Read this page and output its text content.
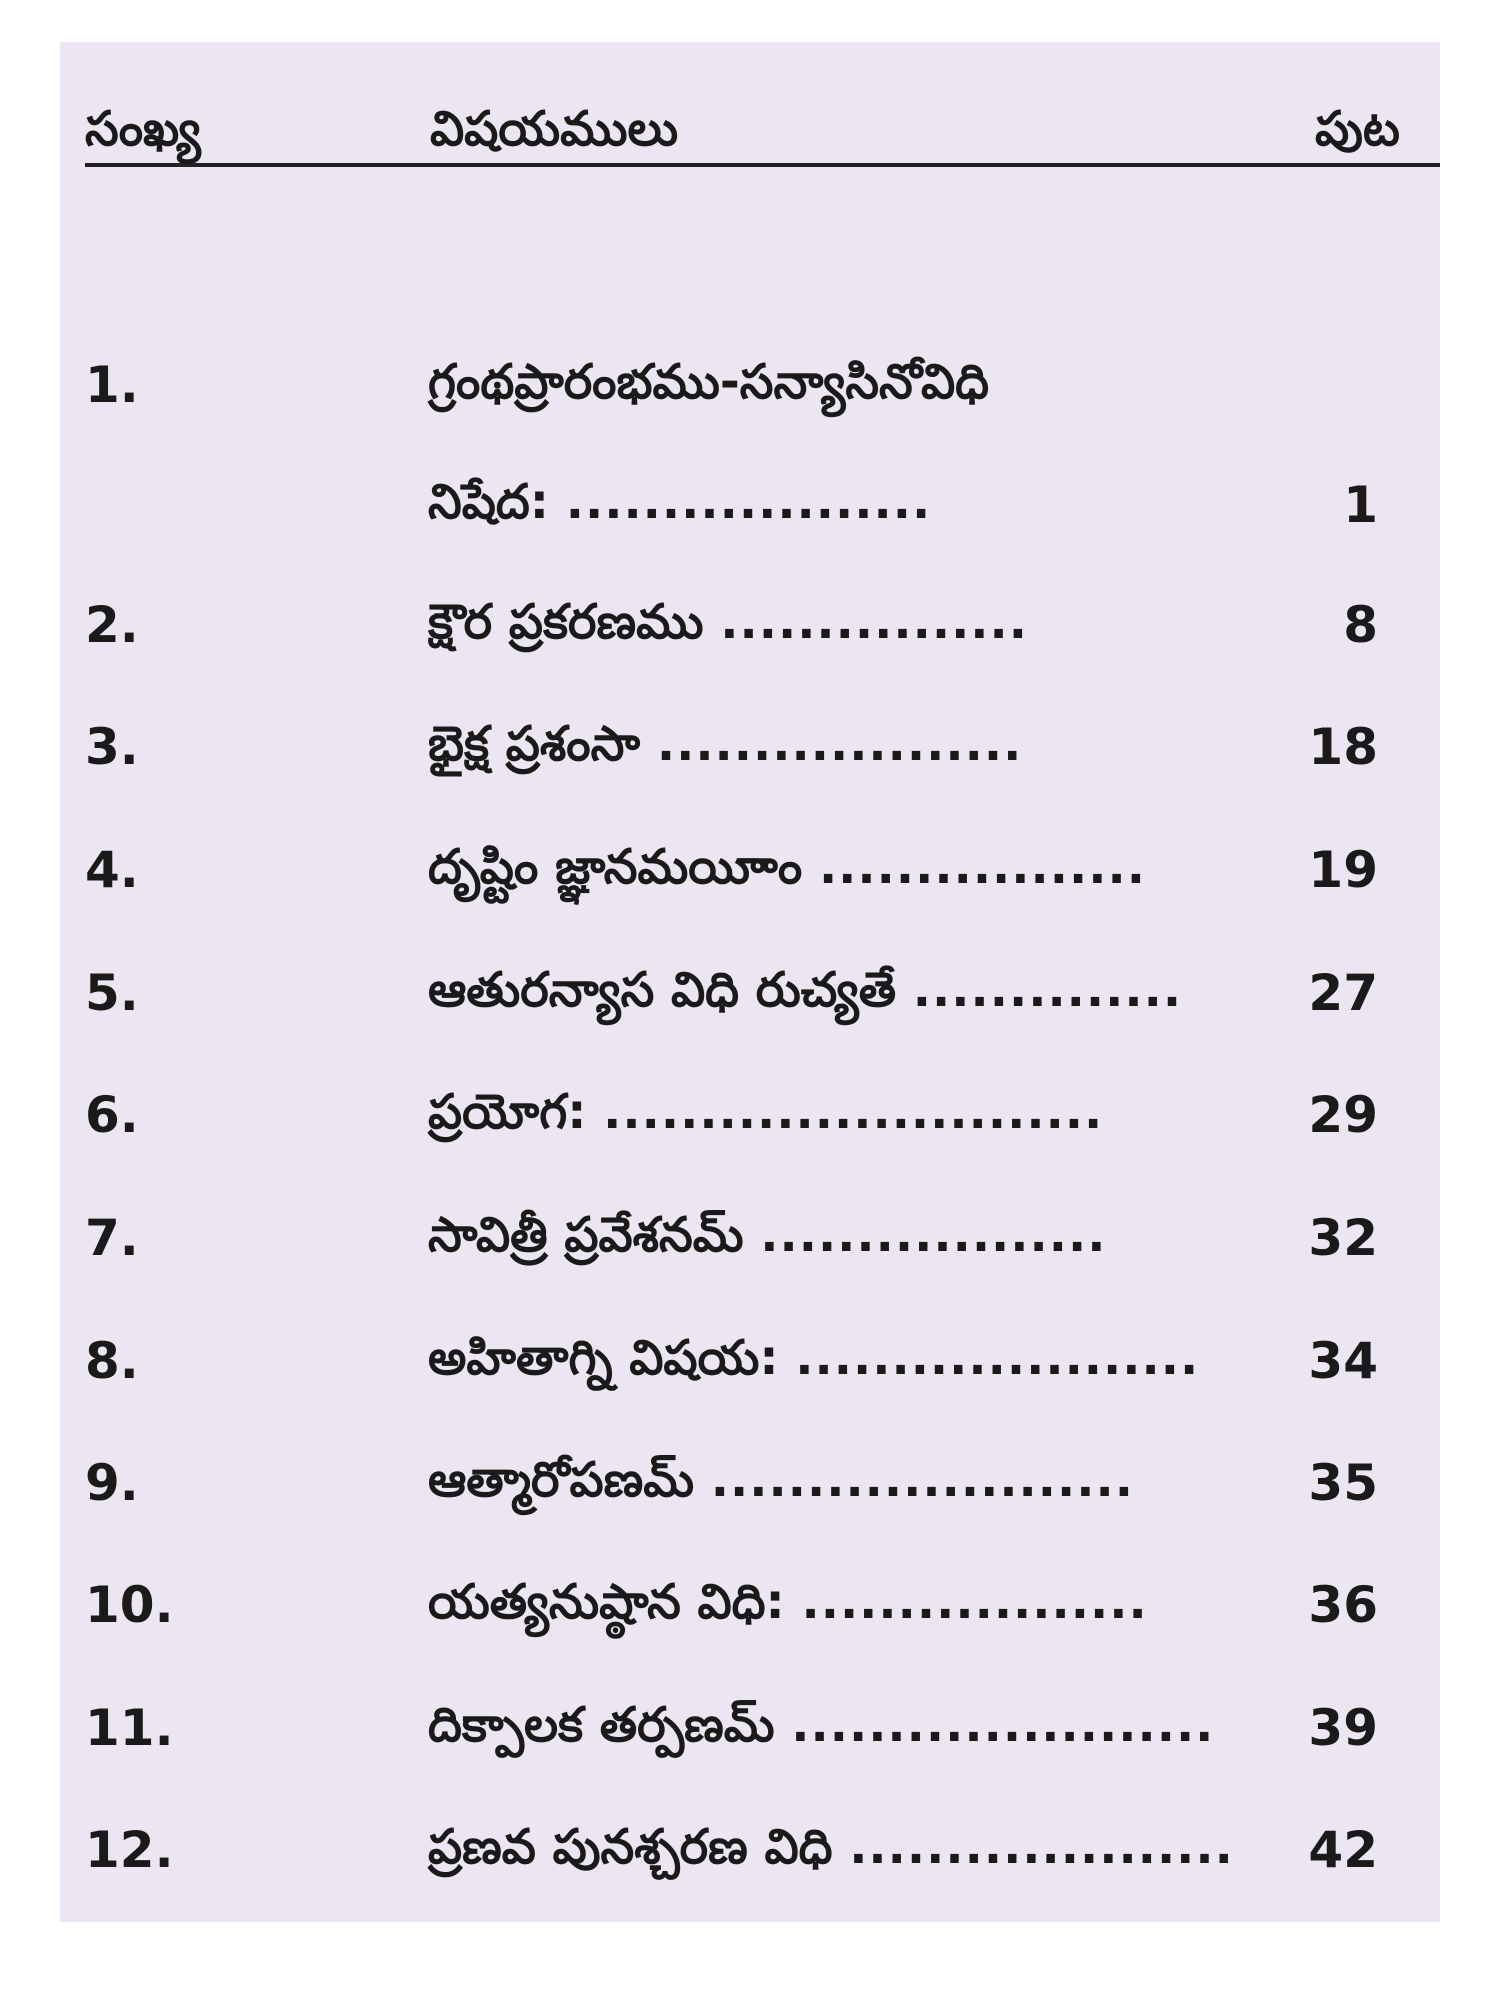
సంఖ్య	విషయములు	పుట
1.	గ్రంథప్రారంభము-సన్యాసినోవిధి
నిషేద: ...................	1
2.	క్షౌర ప్రకరణము ................	8
3.	భైక్ష ప్రశంసా ...................	18
4.	దృష్టిం జ్ఞానమయీాం .................	19
5.	ఆతురన్యాస విధి రుచ్యతే ..............	27
6.	ప్రయోగ: ..........................	29
7.	సావిత్రీ ప్రవేశనమ్ ..................	32
8.	అహితాగ్ని విషయ: ..................... 34
9.	ఆత్మారోపణమ్ ......................	35
10.	యత్యనుష్ఠాన విధి: ..................	36
11.	దిక్పాలక తర్పణమ్ ...................... 39
12.	ప్రణవ పునశ్చరణ విధి .................... 42
